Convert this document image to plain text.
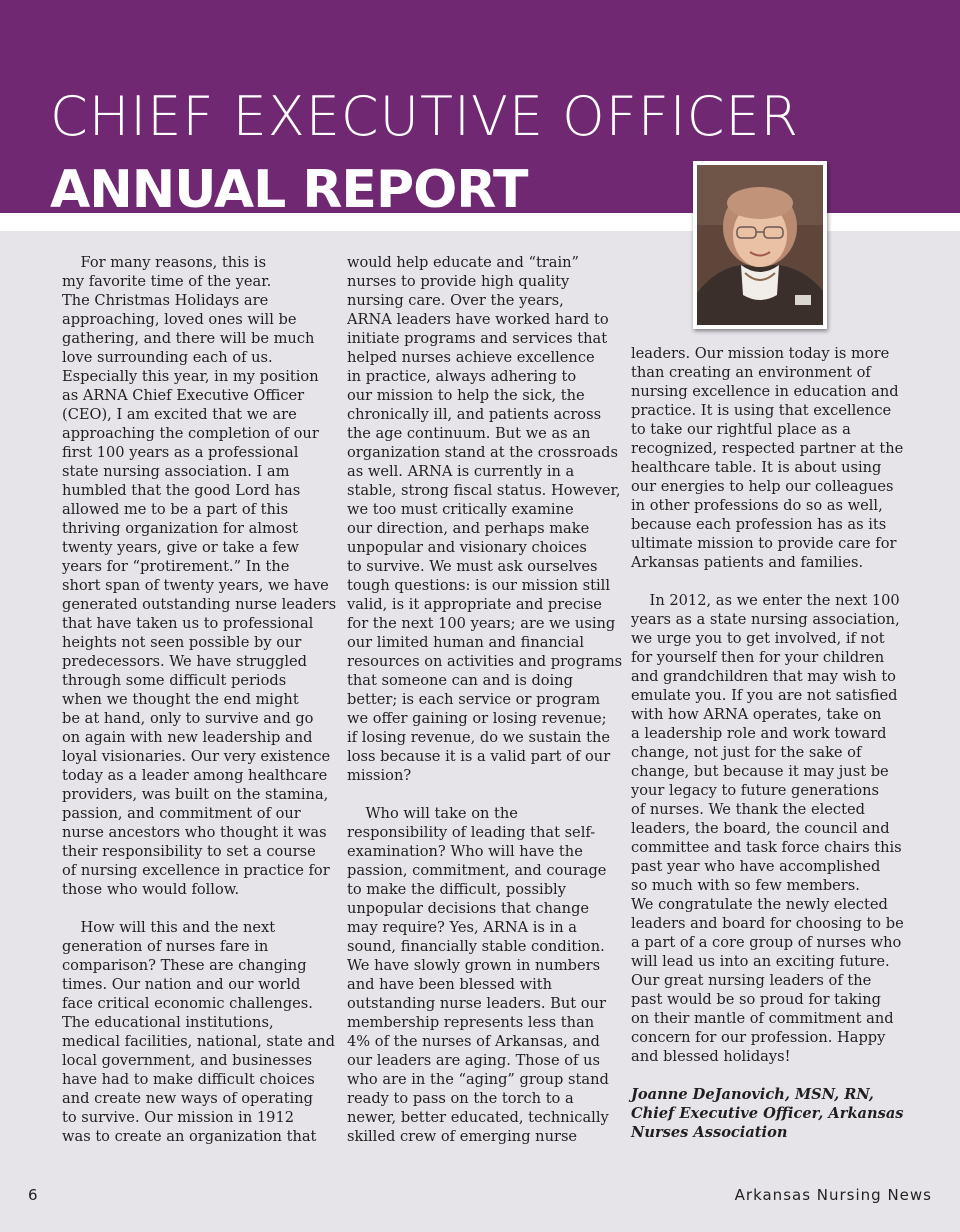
CHIEF EXECUTIVE OFFICER
ANNUAL REPORT
For many reasons, this is
my favorite time of the year.
The Christmas Holidays are
approaching, loved ones will be
gathering, and there will be much
love surrounding each of us.
Especially this year, in my position
as ARNA Chief Executive Officer
(CEO), I am excited that we are
approaching the completion of our
first 100 years as a professional
state nursing association. I am
humbled that the good Lord has
allowed me to be a part of this
thriving organization for almost
twenty years, give or take a few
years for “protirement.” In the
short span of twenty years, we have
generated outstanding nurse leaders
that have taken us to professional
heights not seen possible by our
predecessors. We have struggled
through some difficult periods
when we thought the end might
be at hand, only to survive and go
on again with new leadership and
loyal visionaries. Our very existence
today as a leader among healthcare
providers, was built on the stamina,
passion, and commitment of our
nurse ancestors who thought it was
their responsibility to set a course
of nursing excellence in practice for
those who would follow.
How will this and the next
generation of nurses fare in
comparison? These are changing
times. Our nation and our world
face critical economic challenges.
The educational institutions,
medical facilities, national, state and
local government, and businesses
have had to make difficult choices
and create new ways of operating
to survive. Our mission in 1912
was to create an organization that
would help educate and “train”
nurses to provide high quality
nursing care. Over the years,
ARNA leaders have worked hard to
initiate programs and services that
helped nurses achieve excellence
in practice, always adhering to
our mission to help the sick, the
chronically ill, and patients across
the age continuum. But we as an
organization stand at the crossroads
as well. ARNA is currently in a
stable, strong fiscal status. However,
we too must critically examine
our direction, and perhaps make
unpopular and visionary choices
to survive. We must ask ourselves
tough questions: is our mission still
valid, is it appropriate and precise
for the next 100 years; are we using
our limited human and financial
resources on activities and programs
that someone can and is doing
better; is each service or program
we offer gaining or losing revenue;
if losing revenue, do we sustain the
loss because it is a valid part of our
mission?
Who will take on the
responsibility of leading that self-
examination? Who will have the
passion, commitment, and courage
to make the difficult, possibly
unpopular decisions that change
may require? Yes, ARNA is in a
sound, financially stable condition.
We have slowly grown in numbers
and have been blessed with
outstanding nurse leaders. But our
membership represents less than
4% of the nurses of Arkansas, and
our leaders are aging. Those of us
who are in the “aging” group stand
ready to pass on the torch to a
newer, better educated, technically
skilled crew of emerging nurse
leaders. Our mission today is more
than creating an environment of
nursing excellence in education and
practice. It is using that excellence
to take our rightful place as a
recognized, respected partner at the
healthcare table. It is about using
our energies to help our colleagues
in other professions do so as well,
because each profession has as its
ultimate mission to provide care for
Arkansas patients and families.
In 2012, as we enter the next 100
years as a state nursing association,
we urge you to get involved, if not
for yourself then for your children
and grandchildren that may wish to
emulate you. If you are not satisfied
with how ARNA operates, take on
a leadership role and work toward
change, not just for the sake of
change, but because it may just be
your legacy to future generations
of nurses. We thank the elected
leaders, the board, the council and
committee and task force chairs this
past year who have accomplished
so much with so few members.
We congratulate the newly elected
leaders and board for choosing to be
a part of a core group of nurses who
will lead us into an exciting future.
Our great nursing leaders of the
past would be so proud for taking
on their mantle of commitment and
concern for our profession. Happy
and blessed holidays!
Joanne DeJanovich, MSN, RN,
Chief Executive Officer, Arkansas
Nurses Association
6	Arkansas Nursing News
